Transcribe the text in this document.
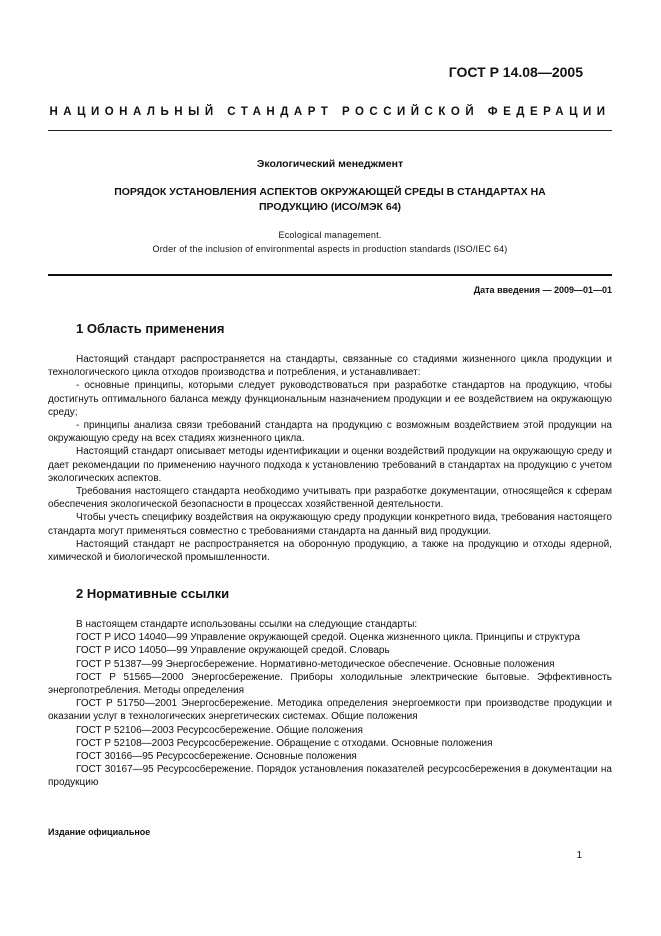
ГОСТ Р 14.08—2005
НАЦИОНАЛЬНЫЙ СТАНДАРТ РОССИЙСКОЙ ФЕДЕРАЦИИ
Экологический менеджмент
ПОРЯДОК УСТАНОВЛЕНИЯ АСПЕКТОВ ОКРУЖАЮЩЕЙ СРЕДЫ В СТАНДАРТАХ НА
ПРОДУКЦИЮ (ИСО/МЭК 64)
Ecological management.
Order of the inclusion of environmental aspects in production standards (ISO/IEC 64)
Дата введения — 2009—01—01
1 Область применения

Настоящий стандарт распространяется на стандарты, связанные со стадиями жизненного цикла продукции и технологического цикла отходов производства и потребления, и устанавливает:

- основные принципы, которыми следует руководствоваться при разработке стандартов на продукцию, чтобы достигнуть оптимального баланса между функциональным назначением продукции и ее воздействием на окружающую среду;

- принципы анализа связи требований стандарта на продукцию с возможным воздействием этой продукции на окружающую среду на всех стадиях жизненного цикла.

Настоящий стандарт описывает методы идентификации и оценки воздействий продукции на окружающую среду и дает рекомендации по применению научного подхода к установлению требований в стандартах на продукцию с учетом экологических аспектов.

Требования настоящего стандарта необходимо учитывать при разработке документации, относящейся к сферам обеспечения экологической безопасности в процессах хозяйственной деятельности.

Чтобы учесть специфику воздействия на окружающую среду продукции конкретного вида, требования настоящего стандарта могут применяться совместно с требованиями стандарта на данный вид продукции.

Настоящий стандарт не распространяется на оборонную продукцию, а также на продукцию и отходы ядерной, химической и биологической промышленности.

2 Нормативные ссылки

В настоящем стандарте использованы ссылки на следующие стандарты:

ГОСТ Р ИСО 14040—99 Управление окружающей средой. Оценка жизненного цикла. Принципы и структура

ГОСТ Р ИСО 14050—99 Управление окружающей средой. Словарь

ГОСТ Р 51387—99 Энергосбережение. Нормативно-методическое обеспечение. Основные положения

ГОСТ Р 51565—2000 Энергосбережение. Приборы холодильные электрические бытовые. Эффективность энергопотребления. Методы определения

ГОСТ Р 51750—2001 Энергосбережение. Методика определения энергоемкости при производстве продукции и оказании услуг в технологических энергетических системах. Общие положения

ГОСТ Р 52106—2003 Ресурсосбережение. Общие положения

ГОСТ Р 52108—2003 Ресурсосбережение. Обращение с отходами. Основные положения

ГОСТ 30166—95 Ресурсосбережение. Основные положения

ГОСТ 30167—95 Ресурсосбережение. Порядок установления показателей ресурсосбережения в документации на продукцию

Издание официальное
1
